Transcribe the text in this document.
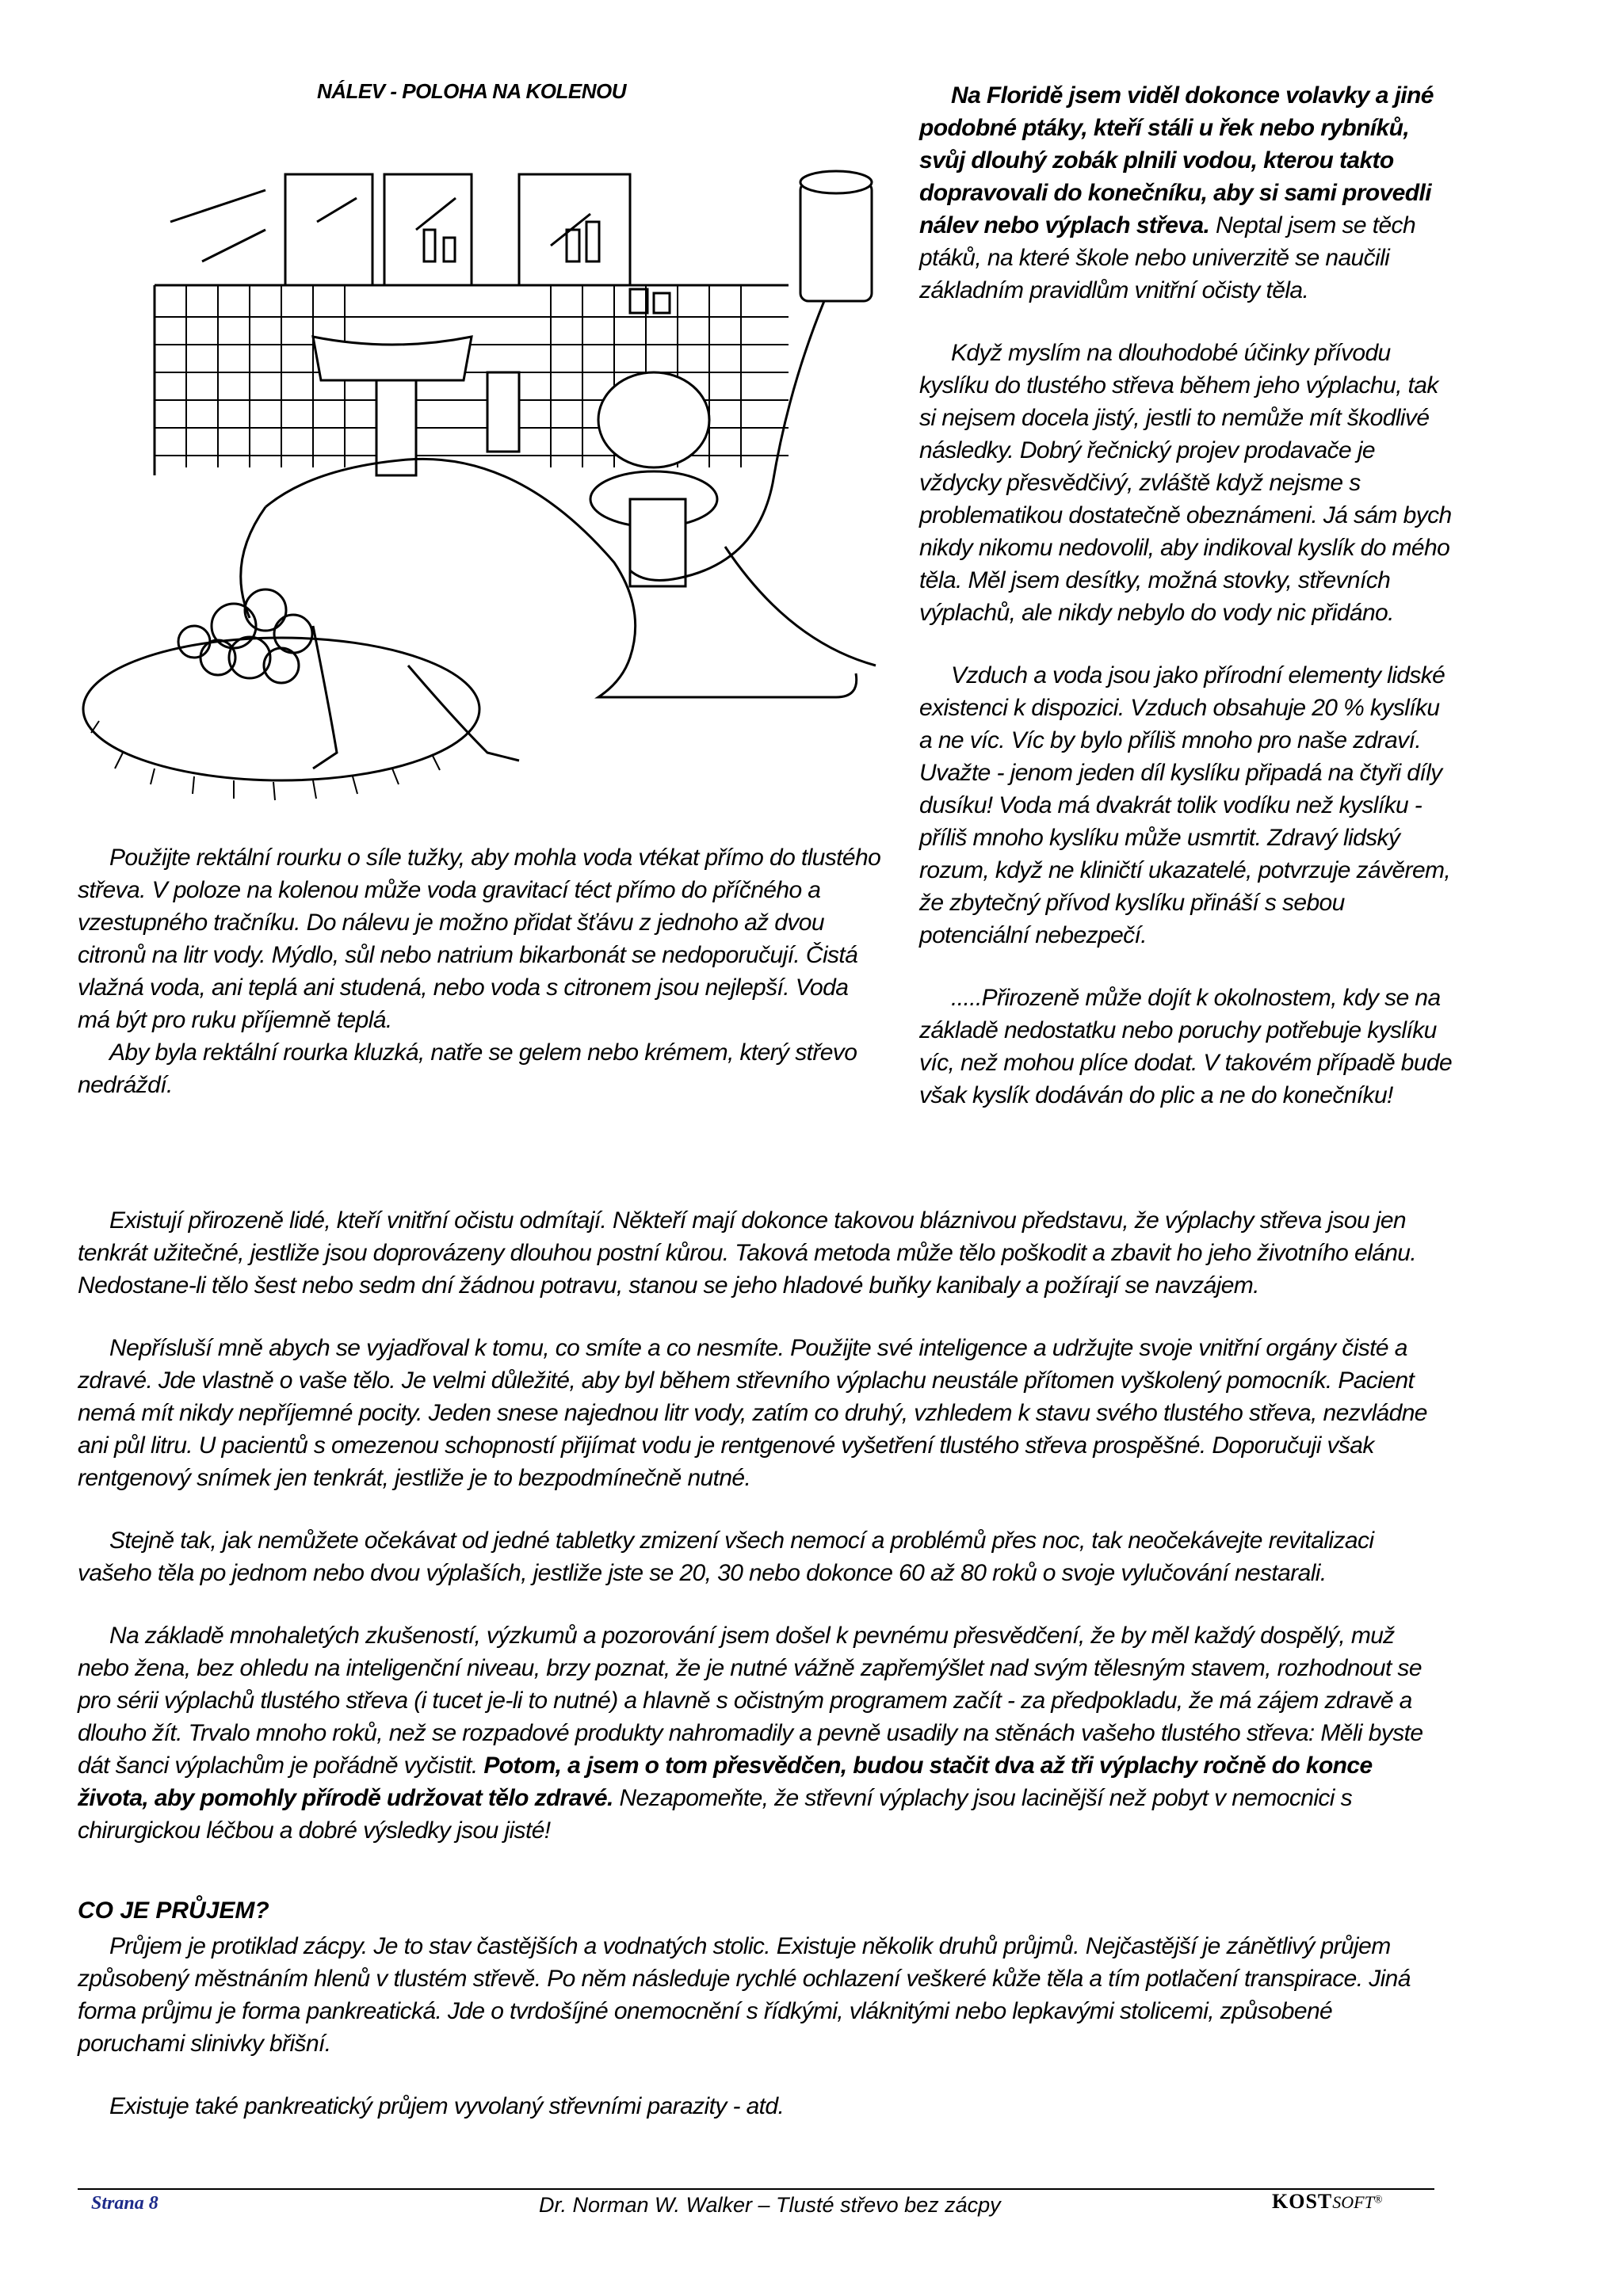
NÁLEV - POLOHA NA KOLENOU	Na Floridě jsem viděl dokonce volavky a jiné podobné ptáky, kteří stáli u řek nebo rybníků, svůj dlouhý zobák plnili vodou, kterou takto dopravovali do konečníku, aby si sami provedli nálev nebo výplach střeva. Neptal jsem se těch ptáků, na které škole nebo univerzitě se naučili základním pravidlům vnitřní očisty těla.

Když myslím na dlouhodobé účinky přívodu kyslíku do tlustého střeva během jeho výplachu, tak si nejsem docela jistý, jestli to nemůže mít škodlivé následky. Dobrý řečnický projev prodavače je vždycky přesvědčivý, zvláště když nejsme s problematikou dostatečně obeznámeni. Já sám bych nikdy nikomu nedovolil, aby indikoval kyslík do mého těla. Měl jsem desítky, možná stovky, střevních výplachů, ale nikdy nebylo do vody nic přidáno.

Vzduch a voda jsou jako přírodní elementy lidské existenci k dispozici. Vzduch obsahuje 20 % kyslíku a ne víc. Víc by bylo příliš mnoho pro naše zdraví. Uvažte - jenom jeden díl kyslíku připadá na čtyři díly dusíku! Voda má dvakrát tolik vodíku než kyslíku - příliš mnoho kyslíku může usmrtit. Zdravý lidský rozum, když ne kliničtí ukazatelé, potvrzuje závěrem, že zbytečný přívod kyslíku přináší s sebou potenciální nebezpečí.

.....Přirozeně může dojít k okolnostem, kdy se na základě nedostatku nebo poruchy potřebuje kyslíku víc, než mohou plíce dodat. V takovém případě bude však kyslík dodáván do plic a ne do konečníku!

Použijte rektální rourku o síle tužky, aby mohla voda vtékat přímo do tlustého střeva. V poloze na kolenou může voda gravitací téct přímo do příčného a vzestupného tračníku. Do nálevu je možno přidat šťávu z jednoho až dvou citronů na litr vody. Mýdlo, sůl nebo natrium bikarbonát se nedoporučují. Čistá vlažná voda, ani teplá ani studená, nebo voda s citronem jsou nejlepší. Voda má být pro ruku příjemně teplá.

Aby byla rektální rourka kluzká, natře se gelem nebo krémem, který střevo nedráždí.

Existují přirozeně lidé, kteří vnitřní očistu odmítají. Někteří mají dokonce takovou bláznivou představu, že výplachy střeva jsou jen tenkrát užitečné, jestliže jsou doprovázeny dlouhou postní kůrou. Taková metoda může tělo poškodit a zbavit ho jeho životního elánu. Nedostane-li tělo šest nebo sedm dní žádnou potravu, stanou se jeho hladové buňky kanibaly a požírají se navzájem.

Nepřísluší mně abych se vyjadřoval k tomu, co smíte a co nesmíte. Použijte své inteligence a udržujte svoje vnitřní orgány čisté a zdravé. Jde vlastně o vaše tělo. Je velmi důležité, aby byl během střevního výplachu neustále přítomen vyškolený pomocník. Pacient nemá mít nikdy nepříjemné pocity. Jeden snese najednou litr vody, zatím co druhý, vzhledem k stavu svého tlustého střeva, nezvládne ani půl litru. U pacientů s omezenou schopností přijímat vodu je rentgenové vyšetření tlustého střeva prospěšné. Doporučuji však rentgenový snímek jen tenkrát, jestliže je to bezpodmínečně nutné.

Stejně tak, jak nemůžete očekávat od jedné tabletky zmizení všech nemocí a problémů přes noc, tak neočekávejte revitalizaci vašeho těla po jednom nebo dvou výplaších, jestliže jste se 20, 30 nebo dokonce 60 až 80 roků o svoje vylučování nestarali.

Na základě mnohaletých zkušeností, výzkumů a pozorování jsem došel k pevnému přesvědčení, že by měl každý dospělý, muž nebo žena, bez ohledu na inteligenční niveau, brzy poznat, že je nutné vážně zapřemýšlet nad svým tělesným stavem, rozhodnout se pro sérii výplachů tlustého střeva (i tucet je-li to nutné) a hlavně s očistným programem začít - za předpokladu, že má zájem zdravě a dlouho žít. Trvalo mnoho roků, než se rozpadové produkty nahromadily a pevně usadily na stěnách vašeho tlustého střeva: Měli byste dát šanci výplachům je pořádně vyčistit. Potom, a jsem o tom přesvědčen, budou stačit dva až tři výplachy ročně do konce života, aby pomohly přírodě udržovat tělo zdravé. Nezapomeňte, že střevní výplachy jsou lacinější než pobyt v nemocnici s chirurgickou léčbou a dobré výsledky jsou jisté!

CO JE PRŮJEM?

Průjem je protiklad zácpy. Je to stav častějších a vodnatých stolic. Existuje několik druhů průjmů. Nejčastější je zánětlivý průjem způsobený městnáním hlenů v tlustém střevě. Po něm následuje rychlé ochlazení veškeré kůže těla a tím potlačení transpirace. Jiná forma průjmu je forma pankreatická. Jde o tvrdošíjné onemocnění s řídkými, vláknitými nebo lepkavými stolicemi, způsobené poruchami slinivky břišní.

Existuje také pankreatický průjem vyvolaný střevními parazity - atd.

Strana 8	Dr. Norman W. Walker – Tlusté střevo bez zácpy	KOSTSOFT®
